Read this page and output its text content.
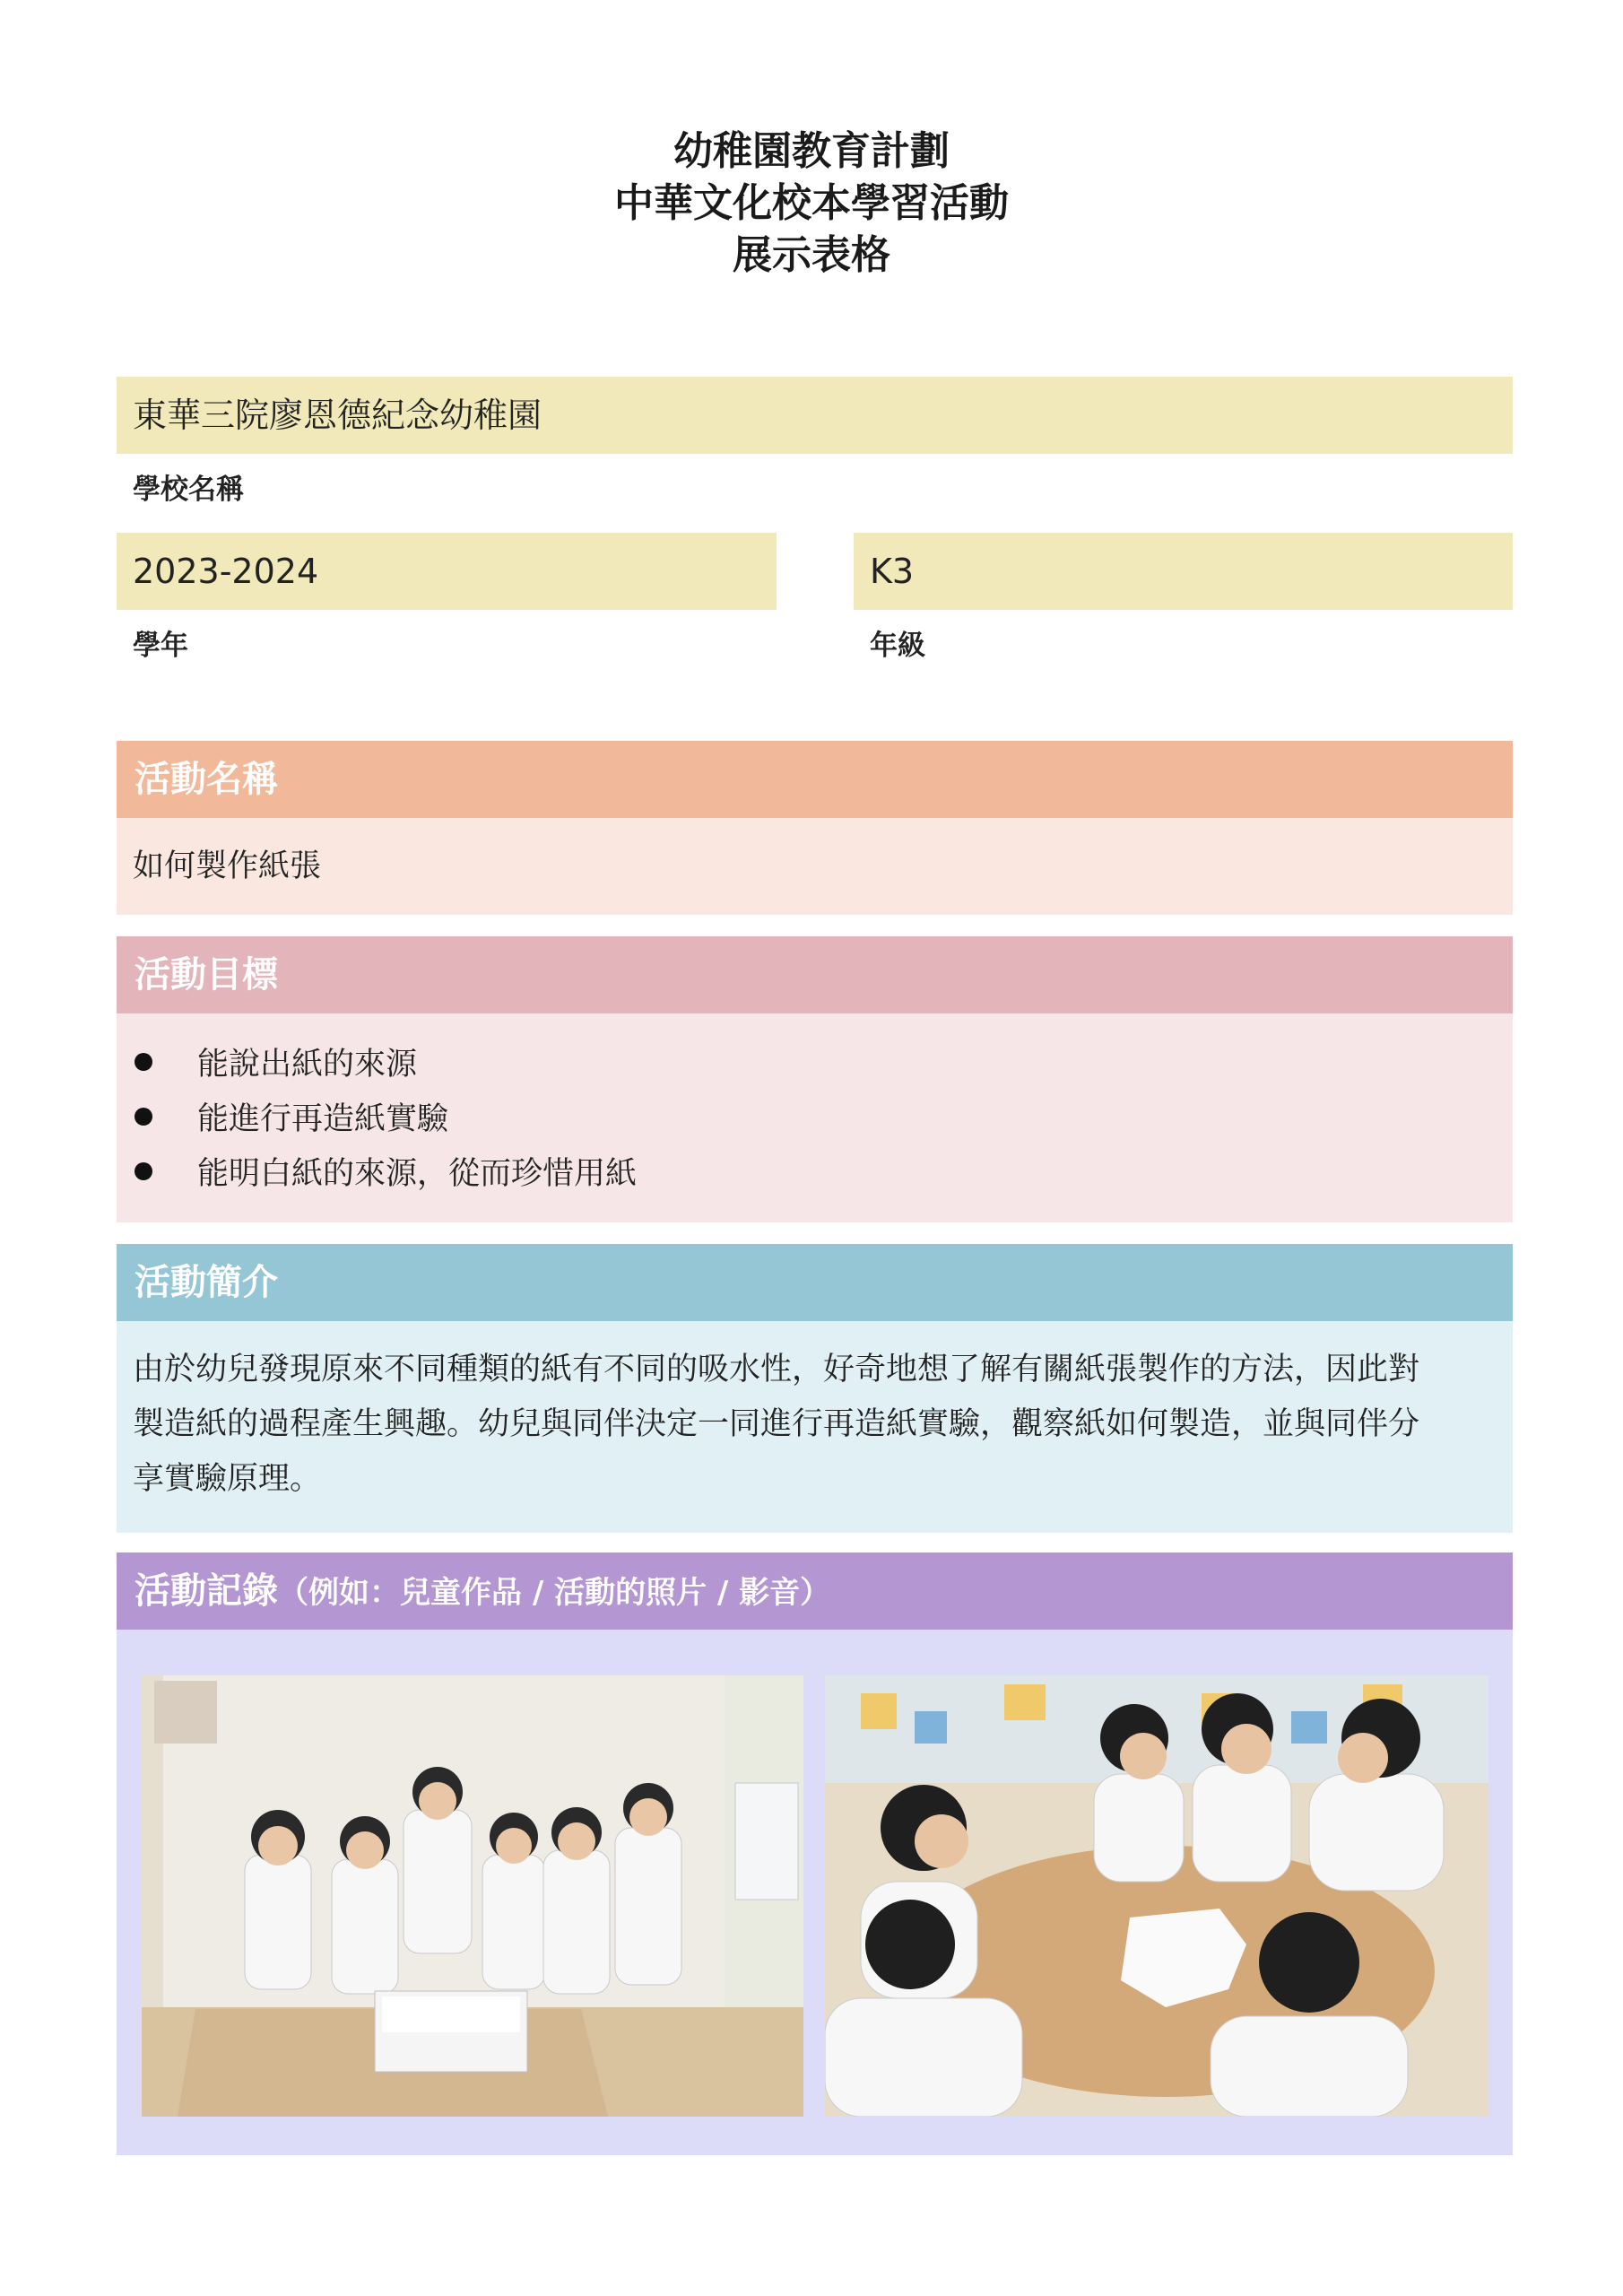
幼稚園教育計劃
中華文化校本學習活動
展示表格
東華三院廖恩德紀念幼稚園
學校名稱
2023-2024
學年
K3
年級
活動名稱
如何製作紙張
活動目標
能說出紙的來源
能進行再造紙實驗
能明白紙的來源，從而珍惜用紙
活動簡介
由於幼兒發現原來不同種類的紙有不同的吸水性，好奇地想了解有關紙張製作的方法，因此對
製造紙的過程產生興趣。幼兒與同伴決定一同進行再造紙實驗，觀察紙如何製造，並與同伴分
享實驗原理。
活動記錄（例如：兒童作品 / 活動的照片 / 影音）
